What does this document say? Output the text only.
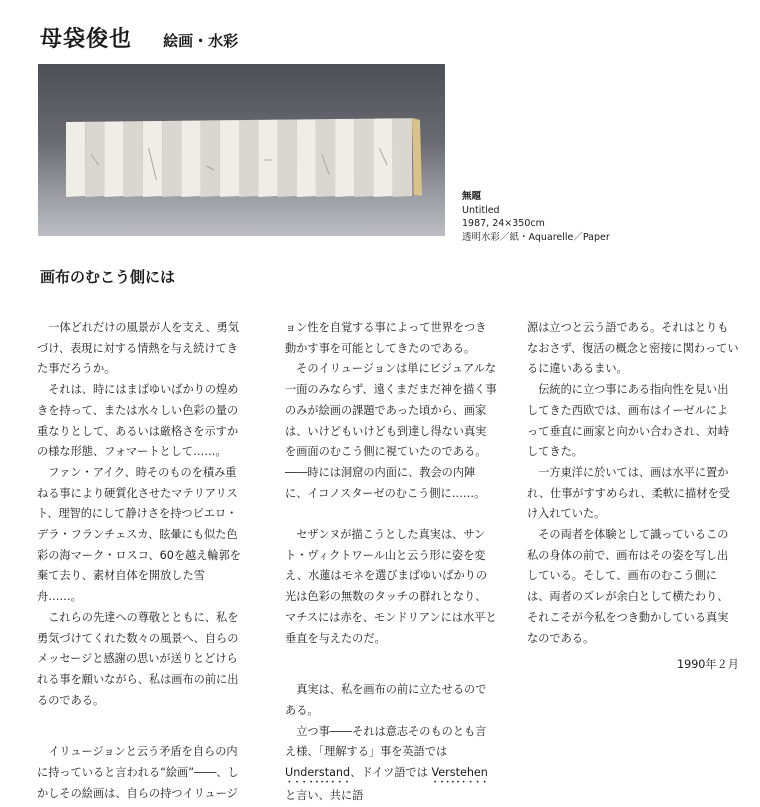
母袋俊也 絵画・水彩
無題
Untitled
1987, 24×350cm
透明水彩／紙・Aquarelle／Paper
画布のむこう側には

一体どれだけの風景が人を支え、勇気づけ、表現に対する情熱を与え続けてきた事だろうか。

それは、時にはまばゆいばかりの煌めきを持って、または水々しい色彩の量の重なりとして、あるいは厳格さを示すかの様な形態、フォマートとして……。

ファン・アイク、時そのものを積み重ねる事により硬質化させたマテリアリスト、理智的にして静けさを持つピエロ・デラ・フランチェスカ、眩暈にも似た色彩の海マーク・ロスコ、60を越え輪郭を棄て去り、素材自体を開放した雪舟……。

これらの先達への尊敬とともに、私を勇気づけてくれた数々の風景へ、自らのメッセージと感謝の思いが送りとどけられる事を願いながら、私は画布の前に出るのである。

イリュージョンと云う矛盾を自らの内に持っていると言われる“絵画”――、しかしその絵画は、自らの持つイリュージ

ョン性を自覚する事によって世界をつき動かす事を可能としてきたのである。

そのイリュージョンは単にビジュアルな一面のみならず、遠くまだまだ神を描く事のみが絵画の課題であった頃から、画家は、いけどもいけども到達し得ない真実を画面のむこう側に視ていたのである。――時には洞窟の内面に、教会の内陣に、イコノスターゼのむこう側に……。

セザンヌが描こうとした真実は、サント・ヴィクトワール山と云う形に姿を変え、水蓮はモネを選びまばゆいばかりの光は色彩の無数のタッチの群れとなり、マチスには赤を、モンドリアンには水平と垂直を与えたのだ。

真実は、私を画布の前に立たせるのである。

立つ事――それは意志そのものとも言え様、「理解する」事を英語ではUnderstand、ドイツ語では Verstehen と言い、共に語

源は立つと云う語である。それはとりもなおさず、復活の概念と密接に関わっているに違いあるまい。

伝統的に立つ事にある指向性を見い出してきた西欧では、画布はイーゼルによって垂直に画家と向かい合わされ、対峙してきた。

一方東洋に於いては、画は水平に置かれ、仕事がすすめられ、柔軟に描材を受け入れていた。

その両者を体験として識っているこの私の身体の前で、画布はその姿を写し出している。そして、画布のむこう側には、両者のズレが余白として横たわり、それこそが今私をつき動かしている真実なのである。

1990年２月
